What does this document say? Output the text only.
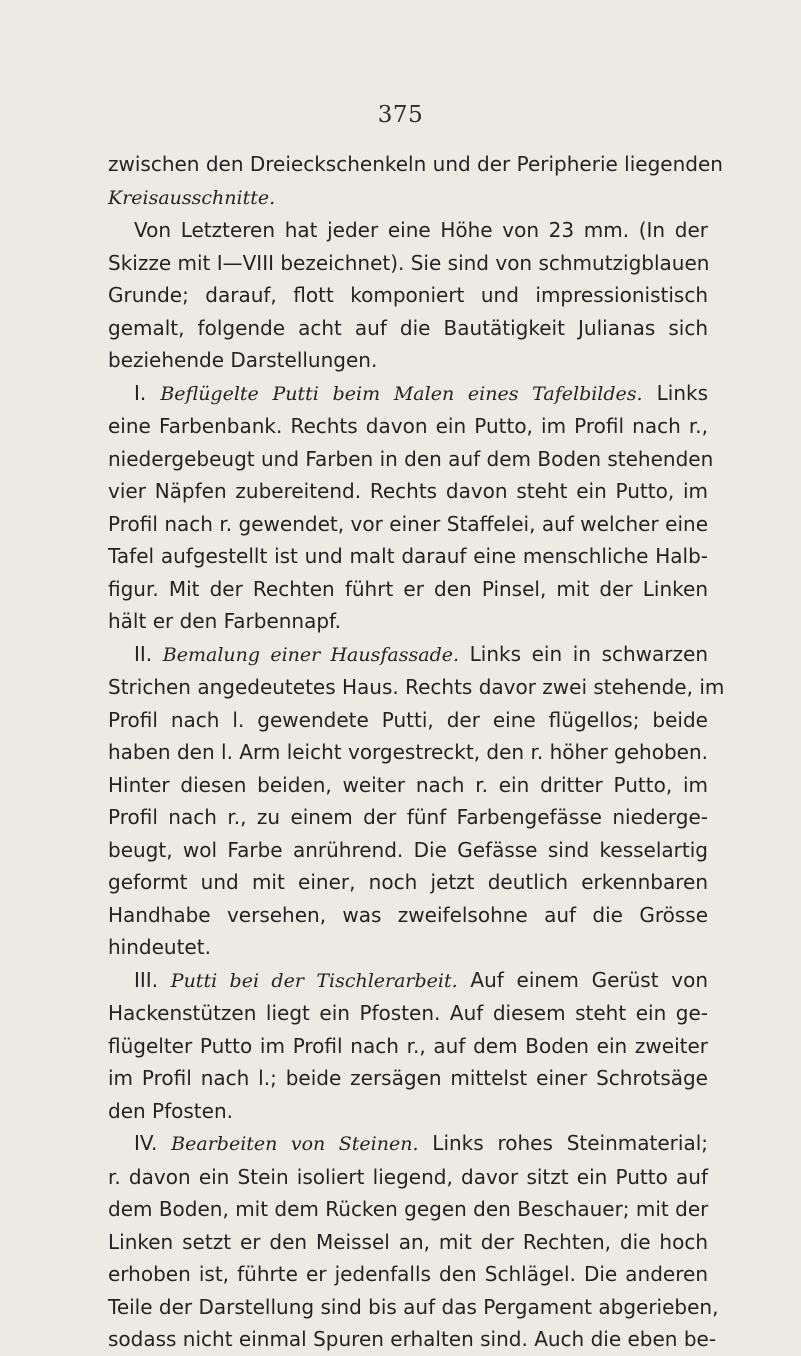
375
zwischen den Dreieckschenkeln und der Peripherie liegenden
Kreisausschnitte.
Von Letzteren hat jeder eine Höhe von 23 mm. (In der
Skizze mit I—VIII bezeichnet). Sie sind von schmutzigblauen
Grunde; darauf, flott komponiert und impressionistisch
gemalt, folgende acht auf die Bautätigkeit Julianas sich
beziehende Darstellungen.
I. Beflügelte Putti beim Malen eines Tafelbildes. Links
eine Farbenbank. Rechts davon ein Putto, im Profil nach r.,
niedergebeugt und Farben in den auf dem Boden stehenden
vier Näpfen zubereitend. Rechts davon steht ein Putto, im
Profil nach r. gewendet, vor einer Staffelei, auf welcher eine
Tafel aufgestellt ist und malt darauf eine menschliche Halb-
figur. Mit der Rechten führt er den Pinsel, mit der Linken
hält er den Farbennapf.
II. Bemalung einer Hausfassade. Links ein in schwarzen
Strichen angedeutetes Haus. Rechts davor zwei stehende, im
Profil nach l. gewendete Putti, der eine flügellos; beide
haben den l. Arm leicht vorgestreckt, den r. höher gehoben.
Hinter diesen beiden, weiter nach r. ein dritter Putto, im
Profil nach r., zu einem der fünf Farbengefässe niederge-
beugt, wol Farbe anrührend. Die Gefässe sind kesselartig
geformt und mit einer, noch jetzt deutlich erkennbaren
Handhabe versehen, was zweifelsohne auf die Grösse
hindeutet.
III. Putti bei der Tischlerarbeit. Auf einem Gerüst von
Hackenstützen liegt ein Pfosten. Auf diesem steht ein ge-
flügelter Putto im Profil nach r., auf dem Boden ein zweiter
im Profil nach l.; beide zersägen mittelst einer Schrotsäge
den Pfosten.
IV. Bearbeiten von Steinen. Links rohes Steinmaterial;
r. davon ein Stein isoliert liegend, davor sitzt ein Putto auf
dem Boden, mit dem Rücken gegen den Beschauer; mit der
Linken setzt er den Meissel an, mit der Rechten, die hoch
erhoben ist, führte er jedenfalls den Schlägel. Die anderen
Teile der Darstellung sind bis auf das Pergament abgerieben,
sodass nicht einmal Spuren erhalten sind. Auch die eben be-
